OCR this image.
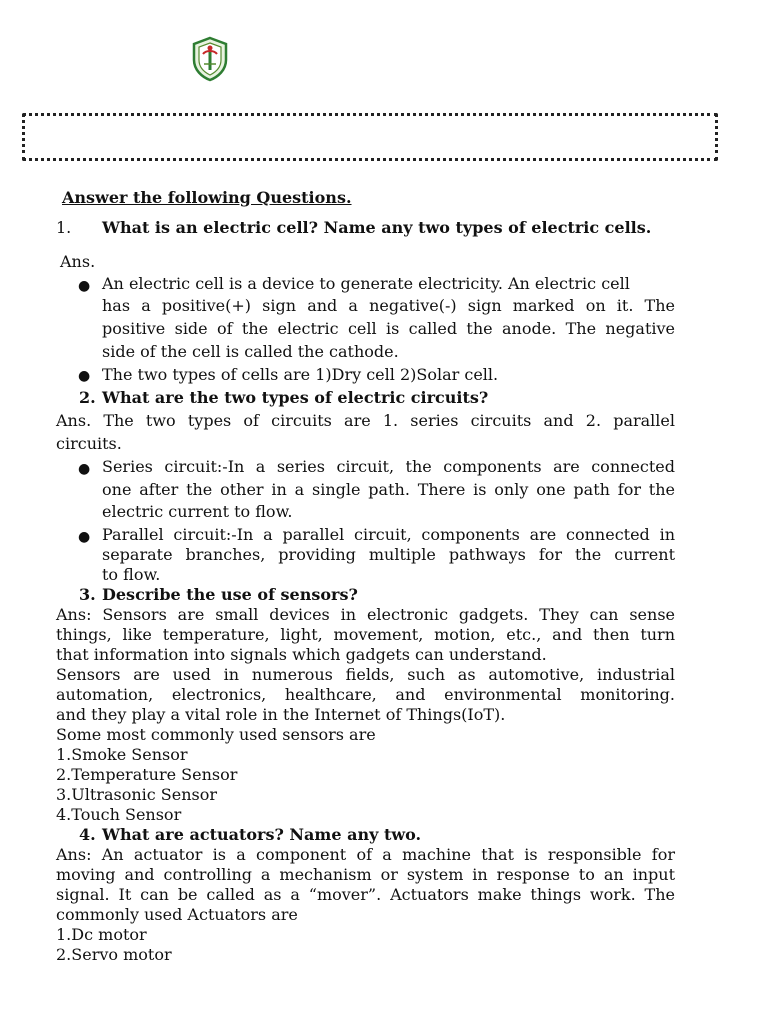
Answer the following Questions.
1. What is an electric cell? Name any two types of electric cells.
Ans.
● An electric cell is a device to generate electricity. An electric cell
has a positive(+) sign and a negative(-) sign marked on it. The
positive side of the electric cell is called the anode. The negative
side of the cell is called the cathode.
● The two types of cells are 1)Dry cell 2)Solar cell.
2. What are the two types of electric circuits?
Ans. The two types of circuits are 1. series circuits and 2. parallel
circuits.
● Series circuit:-In a series circuit, the components are connected
one after the other in a single path. There is only one path for the
electric current to flow.
● Parallel circuit:-In a parallel circuit, components are connected in
separate branches, providing multiple pathways for the current
to flow.
3. Describe the use of sensors?
Ans: Sensors are small devices in electronic gadgets. They can sense
things, like temperature, light, movement, motion, etc., and then turn
that information into signals which gadgets can understand.
Sensors are used in numerous fields, such as automotive, industrial
automation, electronics, healthcare, and environmental monitoring.
and they play a vital role in the Internet of Things(IoT).
Some most commonly used sensors are
1.Smoke Sensor
2.Temperature Sensor
3.Ultrasonic Sensor
4.Touch Sensor
4. What are actuators? Name any two.
Ans: An actuator is a component of a machine that is responsible for
moving and controlling a mechanism or system in response to an input
signal. It can be called as a “mover”. Actuators make things work. The
commonly used Actuators are
1.Dc motor
2.Servo motor
